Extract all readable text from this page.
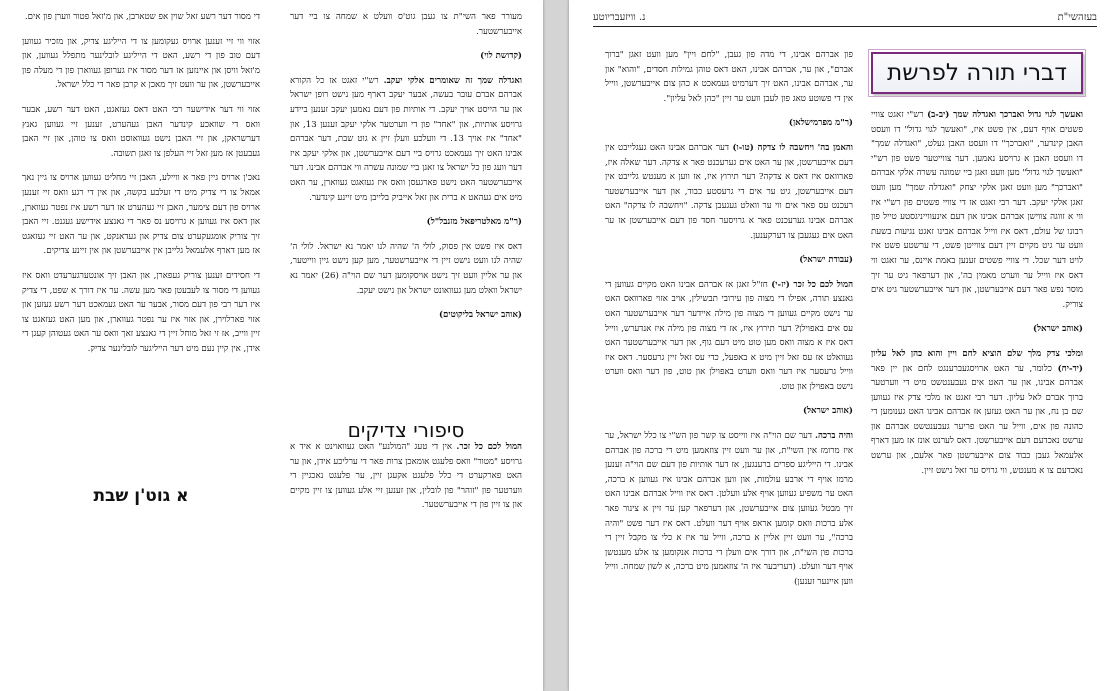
מעורר פאר השי"ת צו געבן גוט'ס וועלט א שמחה צו ביי דער אייבערשטער.

(קדושת לוי)

ואגדלה שמך זה שאומרים אלקי יעקב. רש"י זאגט אז כל הקורא אברהם אברם עובר בעשה, אבער יעקב דארף מען נישט רופן ישראל און ער הייסט אויך יעקב. די אותיות פון דעם נאמען יעקב זענען ביידע גרויסע אותיות, און "אחד" פון די ווערטער אלקי יעקב זענען 13, און "אחד" איז אויך 13. די וועלכע וועלן זיין א גוט שבת, דער אברהם אבינו האט זיך געמאכט גרויס ביי דעם אייבערשטן, און אלקי יעקב איז דער וועג פון כל ישראל צו זאגן ביי שמונה עשרה ווי אברהם אבינו. דער אייבערשטער האט נישט פארגעסן וואס איז געזאגט געווארן, ער האט מיט אים געהאט א ברית און זאל אייביק בלייבן מיט זיינע קינדער.

(ר"מ מאלטריפאל מזנבל"ל)

דאס איז פשט אין פסוק, לולי ה' שהיה לנו יאמר נא ישראל. לולי ה' שהיה לנו וועט נישט זיין די אייבערשטער, מען קען נישט גיין ווייטער, און ער אליין וועט זיך נישט אויסקומען דער שם הוי"ה (26) יאמר נא ישראל וואלט מען געוואונט ישראל און נישט יעקב.

(אוהב ישראל בליקוטים)

סיפורי צדיקים

המול לכם כל זכר. אין די טעג "המולנע" האט געוואוינט א איד א גרויסע "מטור" וואס פלעגט אומאכן צרות פאר די ערליכע אידן, און ער האט פארקערט די כלל פלעגט אקעגן זיין, ער פלעגט נאכגיין די ווערטער פון "זוהר" פון לובלין, און זענען זיי אלע געווען צו זיין מקיים און צו זיין פון די אייבערשטער.

די מסור דער רשע זאל שוין אפ שטארבן, און מ'זאל פטור ווערן פון אים.

אזוי ווי זיי זענען ארויס געקומען צו די הייליגע צדיק, און מזכיר געווען דעם טוב פון די רשע, האט די הייליגע לובלינער מתפלל געווען, און מ'זאל וויסן און איינזען אז דער מסור איז גערופן געווארן פון די מעלה פון אייבערשטן, און ער וועט זיך מאכן א קרבן פאר די כלל ישראל.

אזוי ווי דער אידישער רבי האט דאס געזאגט, האט דער רשע, אבער וואס די שוואכע קינדער האבן געהערט, זענען זיי געווען גאנץ דערשראקן, און זיי האבן נישט געוואוסט וואס צו טוהן, און זיי האבן געבעטן אז מען זאל זיי העלפן צו זאגן תשובה.

נאכ'ן ארויס גיין פאר א וויילע, האבן זיי מחליט געווען ארויס צו גיין נאך אמאל צו די צדיק מיט די זעלבע בקשה, און אין די רגע וואס זיי זענען ארויס פון דעם צימער, האבן זיי געהערט אז דער רשע איז נפטר געווארן, און דאס איז געווען א גרויסע נס פאר די גאנצע אידישע געגנט. זיי האבן זיך צוריק אומגעקערט צום צדיק און געדאנקט, און ער האט זיי געזאגט אז מען דארף אלעמאל גלייבן אין אייבערשטן און אין זיינע צדיקים.

די חסידים זענען צוריק געפארן, און האבן זיך אונטערגערעדט וואס איז געווען די מסור צו לעבעטן פאר מען עשה. ער איז דורך א שפט, די צדיק איז דער רבי פון דעם מסור, אבער ער האט געמאכט דער רשע געזען און אזוי פארלוירן, און אזוי איז ער נפטר געווארן, און מען האט געזאגט צו זיין ווייב, אז זי זאל מוחל זיין די גאנצע זאך וואס ער האט געטוהן קעגן די אידן, אין קיין נעם מיט דער הייליגער לובלינער צדיק.

א גוט'ן שבת
נ. וויזעבריוטע	בעזהשי"ת
דברי תורה לפרשת

ואעשך לגוי גדול ואברכך ואגדלה שמך (יב-ב) רש"י זאגט צוויי פשטים אויף דעם, אין פשט איז, "ואעשך לגוי גדול" דו וועסט האבן קינדער, "ואברכך" דו וועסט האבן געלט, "ואגדלה שמך" דו וועסט האבן א גרויסע נאמען. דער צווייטער פשט פון רש"י "ואעשך לגוי גדול" מען וועט זאגן ביי שמונה עשרה אלקי אברהם "ואברכך" מען וועט זאגן אלקי יצחק "ואגדלה שמך" מען וועט זאגן אלקי יעקב. דער רבי זאגט אז די צוויי פשטים פון רש"י איז ווי א זווגה צווישן אברהם אבינו און דעם אינעווייניגסטע טייל פון רבונו של עולם, דאס איז ווייל אברהם אבינו זאגט נגיעות בשעת וועט ער גיט מקיים זיין דעם צווייטן פשט, די ערשטע פשט איז לויט דער שכל. די צוויי פשטים זענען באמת איינס, ער זאגט ווי דאס איז ווייל ער ווערט מאמין בה', און דערפאר גיט ער זיך מוסר נפש פאר דעם אייבערשטן, און דער אייבערשטער גיט אים צוריק.

(אוהב ישראל)

ומלכי צדק מלך שלם הוציא לחם ויין והוא כהן לאל עליון (יד-יח) כלומר, ער האט ארויסגעברענגט לחם און יין פאר אברהם אבינו, און ער האט אים געבענטשט מיט די ווערטער ברוך אברם לאל עליון. דער רבי זאגט אז מלכי צדק איז געווען שם בן נח, און ער האט געזען אז אברהם אבינו האט גענומען די כהונה פון אים, ווייל ער האט פריער געבענטשט אברהם און ערשט נאכדעם דעם אייבערשטן. דאס לערנט אונז אז מען דארף אלעמאל געבן כבוד צום אייבערשטן פאר אלעם, און ערשט נאכדעם צו א מענטש, ווי גרויס ער זאל נישט זיין.

פון אברהם אבינו, די מדה פון געבן, "לחם ויין" מען וועט זאגן "ברוך אברם", און ער, אברהם אבינו, האט דאס טוהן גמילות חסדים, "והוא" און ער, אברהם אבינו, האט זיך דערמיט געמאכט א כהן צום אייבערשטן, ווייל אין די פשוטע טאג פון לעבן וועט ער זיין "כהן לאל עליון".

(ר"מ מפרמישלאן)

והאמן בה' ויחשבה לו צדקה (טו-ו) דער אברהם אבינו האט געגלייבט אין דעם אייבערשטן, און ער האט אים גערעכנט פאר א צדקה. דער שאלה איז, פארוואס איז דאס א צדקה? דער תירוץ איז, אז ווען א מענטש גלייבט אין דעם אייבערשטן, גיט ער אים די גרעסטע כבוד, און דער אייבערשטער רעכנט עס פאר אים ווי ער וואלט געגעבן צדקה. "ויחשבה לו צדקה" האט אברהם אבינו גערעכנט פאר א גרויסער חסד פון דעם אייבערשטן אז ער האט אים געגעבן צו דערקענען.

(עבודת ישראל)

המול לכם כל זכר (יז-י) חז"ל זאגן אז אברהם אבינו האט מקיים געווען די גאנצע תורה, אפילו די מצוה פון עירובי תבשילין, אויב אזוי פארוואס האט ער נישט מקיים געווען די מצוה פון מילה איידער דער אייבערשטער האט עס אים באפוילן? דער תירוץ איז, אז די מצוה פון מילה איז אנדערש, ווייל דאס איז א מצוה וואס מען טוט מיט דעם גוף, און דער אייבערשטער האט געוואלט אז עס זאל זיין מיט א באפעל, כדי עס זאל זיין גרעסער. דאס איז ווייל גרעסער איז דער וואס ווערט באפוילן און טוט, פון דער וואס ווערט נישט באפוילן און טוט.

(אוהב ישראל)

והיה ברכה. דער שם הוי"ה איז ווייסט צו קשר פון הש"י צו כלל ישראל, ער איז מרומז אין השי"ת, און ער וועט זיין צוזאמען מיט די ברכה פון אברהם אבינו. די הייליגע ספרים ברענגען, אז דער אותיות פון דעם שם הוי"ה זענען מרמז אויף די ארבע עולמות, און ווען אברהם אבינו איז געווען א ברכה, האט ער משפיע געווען אויף אלע וועלטן. דאס איז ווייל אברהם אבינו האט זיך מבטל געווען צום אייבערשטן, און דערפאר קען ער זיין א צינור פאר אלע ברכות וואס קומען אראפ אויף דער וועלט. דאס איז דער פשט "והיה ברכה", ער וועט זיין אליין א ברכה, ווייל ער איז א כלי צו מקבל זיין די ברכות פון השי"ת, און דורך אים וועלן די ברכות אנקומען צו אלע מענטשן אויף דער וועלט. (דעריבער איז ה' צוזאמען מיט ברכה, א לשון שמחה. ווייל ווען איינער זענען)
